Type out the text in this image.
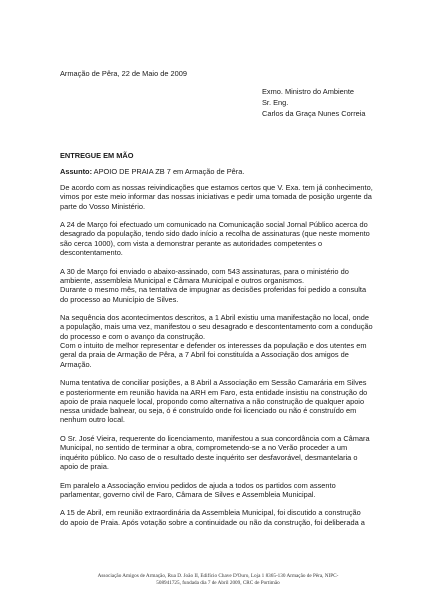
Armação de Pêra, 22 de Maio de 2009
Exmo. Ministro do Ambiente
Sr. Eng.
Carlos da Graça Nunes Correia
ENTREGUE EM MÃO
Assunto: APOIO DE PRAIA ZB 7 em Armação de Pêra.
De acordo com as nossas reivindicações que estamos certos que V. Exa. tem já conhecimento,
vimos por este meio informar das nossas iniciativas e pedir uma tomada de posição urgente da
parte do Vosso Ministério.
A 24 de Março foi efectuado um comunicado na Comunicação social Jornal Público acerca do
desagrado da população, tendo sido dado início a recolha de assinaturas (que neste momento
são cerca 1000), com vista a demonstrar perante as autoridades competentes o
descontentamento.
A 30 de Março foi enviado o abaixo-assinado, com 543 assinaturas, para o ministério do
ambiente, assembleia Municipal e Câmara Municipal e outros organismos.
Durante o mesmo mês, na tentativa de impugnar as decisões proferidas foi pedido a consulta
do processo ao Município de Silves.
Na sequência dos acontecimentos descritos, a 1 Abril existiu uma manifestação no local, onde
a população, mais uma vez, manifestou o seu desagrado e descontentamento com a condução
do processo e com o avanço da construção.
Com o intuito de melhor representar e defender os interesses da população e dos utentes em
geral da praia de Armação de Pêra, a 7 Abril foi constituída a Associação dos amigos de
Armação.
Numa tentativa de conciliar posições, a 8 Abril a Associação em Sessão Camarária em Silves
e posteriormente em reunião havida na ARH em Faro, esta entidade insistiu na construção do
apoio de praia naquele local, propondo como alternativa a não construção de qualquer apoio
nessa unidade balnear, ou seja, ó é construído onde foi licenciado ou não é construído em
nenhum outro local.
O Sr. José Vieira, requerente do licenciamento, manifestou a sua concordância com a Câmara
Municipal, no sentido de terminar a obra, comprometendo-se a no Verão proceder a um
inquérito público. No caso de o resultado deste inquérito ser desfavorável, desmantelaria o
apoio de praia.
Em paralelo a Associação enviou pedidos de ajuda a todos os partidos com assento
parlamentar, governo civil de Faro, Câmara de Silves e Assembleia Municipal.
A 15 de Abril, em reunião extraordinária da Assembleia Municipal, foi discutido a construção
do apoio de Praia. Após votação sobre a continuidade ou não da construção, foi deliberada a
Associação Amigos de Armação, Rua D. João II, Edifício Chave D'Ouro, Loja 1 8365-130 Armação de Pêra, NIPC-
508941725, fundada dia 7 de Abril 2009, CRC de Portimão
